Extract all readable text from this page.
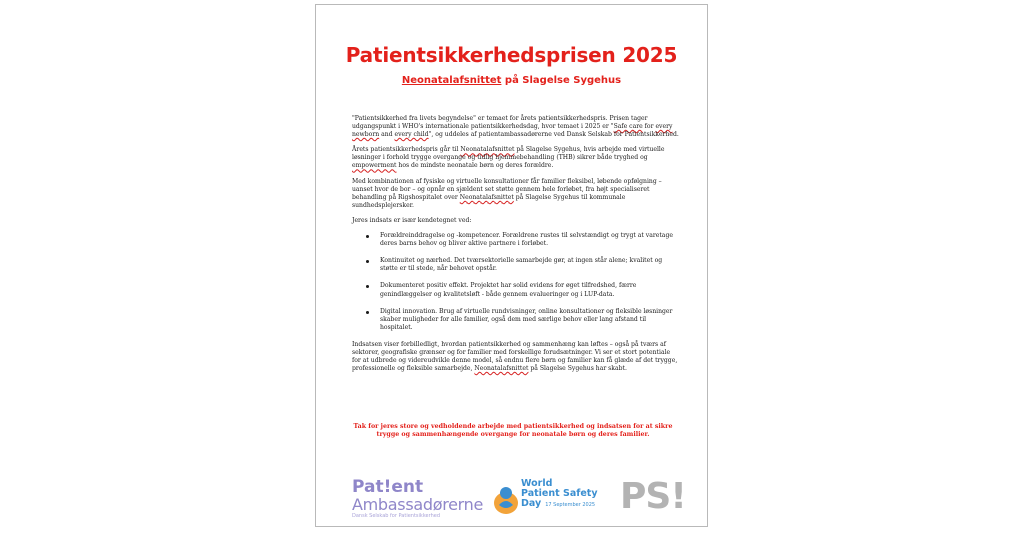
Patientsikkerhedsprisen 2025
Neonatalafsnittet på Slagelse Sygehus

"Patientsikkerhed fra livets begyndelse" er temaet for årets patientsikkerhedspris. Prisen tager udgangspunkt i WHO's internationale patientsikkerhedsdag, hvor temaet i 2025 er "Safe care for every newborn and every child", og uddeles af patientambassadørerne ved Dansk Selskab for Patientsikkerhed.

Årets patientsikkerhedspris går til Neonatalafsnittet på Slagelse Sygehus, hvis arbejde med virtuelle løsninger i forhold trygge overgange og tidlig hjemmebehandling (THB) sikrer både tryghed og empowerment hos de mindste neonatale børn og deres forældre.

Med kombinationen af fysiske og virtuelle konsultationer får familier fleksibel, løbende opfølgning – uanset hvor de bor – og opnår en sjældent set støtte gennem hele forløbet, fra højt specialiseret behandling på Rigshospitalet over Neonatalafsnittet på Slagelse Sygehus til kommunale sundhedsplejersker.

Jeres indsats er især kendetegnet ved:

Forældreinddragelse og -kompetencer. Forældrene rustes til selvstændigt og trygt at varetage deres barns behov og bliver aktive partnere i forløbet.
Kontinuitet og nærhed. Det tværsektorielle samarbejde gør, at ingen står alene; kvalitet og støtte er til stede, når behovet opstår.
Dokumenteret positiv effekt. Projektet har solid evidens for øget tilfredshed, færre genindlæggelser og kvalitetsløft - både gennem evalueringer og i LUP-data.
Digital innovation. Brug af virtuelle rundvisninger, online konsultationer og fleksible løsninger skaber muligheder for alle familier, også dem med særlige behov eller lang afstand til hospitalet.

Indsatsen viser forbilledligt, hvordan patientsikkerhed og sammenhæng kan løftes – også på tværs af sektorer, geografiske grænser og for familier med forskellige forudsætninger. Vi ser et stort potentiale for at udbrede og videreudvikle denne model, så endnu flere børn og familier kan få glæde af det trygge, professionelle og fleksible samarbejde, Neonatalafsnittet på Slagelse Sygehus har skabt.

Tak for jeres store og vedholdende arbejde med patientsikkerhed og indsatsen for at sikre trygge og sammenhængende overgange for neonatale børn og deres familier.
Pat!ent
Ambassadørerne
Dansk Selskab for Patientsikkerhed
World
Patient Safety
Day 17 September 2025 PS!
